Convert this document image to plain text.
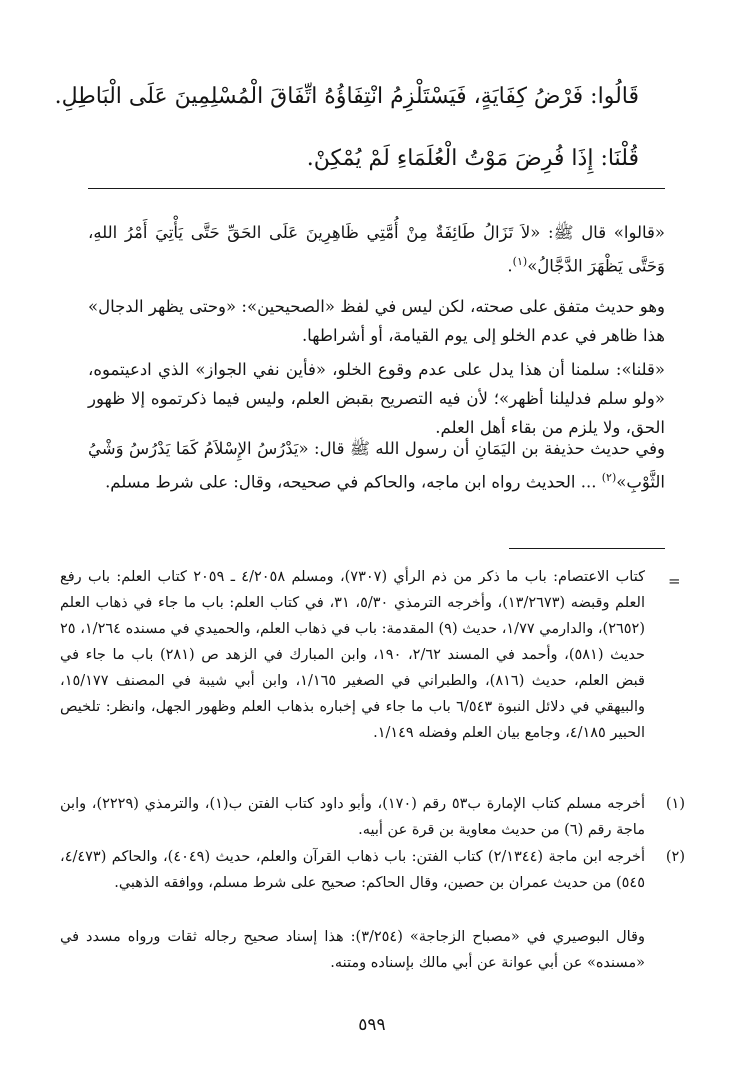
قَالُوا: فَرْضُ كِفَايَةٍ، فَيَسْتَلْزِمُ انْتِفَاؤُهُ اتِّفَاقَ الْمُسْلِمِينَ عَلَى الْبَاطِلِ.
قُلْنَا: إِذَا فُرِضَ مَوْتُ الْعُلَمَاءِ لَمْ يُمْكِنْ.
«قالوا» قال ﷺ: «لاَ تَزَالُ طَائِفَةٌ مِنْ أُمَّتِي ظَاهِرِينَ عَلَى الحَقِّ حَتَّى يَأْتِيَ أَمْرُ اللهِ، وَحَتَّى يَظْهَرَ الدَّجَّالُ»$^{(١)}$.
وهو حديث متفق على صحته، لكن ليس في لفظ «الصحيحين»: «وحتى يظهر الدجال» هذا ظاهر في عدم الخلو إلى يوم القيامة، أو أشراطها.
«قلنا»: سلمنا أن هذا يدل على عدم وقوع الخلو، «فأين نفي الجواز» الذي ادعيتموه، «ولو سلم فدليلنا أظهر»؛ لأن فيه التصريح بقبض العلم، وليس فيما ذكرتموه إلا ظهور الحق، ولا يلزم من بقاء أهل العلم.
وفي حديث حذيفة بن اليَمَانِ أن رسول الله ﷺ قال: «يَدْرُسُ الإِسْلاَمُ كَمَا يَدْرُسُ وَشْيُ الثَّوْبِ»$^{(٢)}$ ... الحديث رواه ابن ماجه، والحاكم في صحيحه، وقال: على شرط مسلم.
=
كتاب الاعتصام: باب ما ذكر من ذم الرأي (٧٣٠٧)، ومسلم ٤/٢٠٥٨ ـ ٢٠٥٩ كتاب العلم: باب رفع العلم وقبضه (١٣/٢٦٧٣)، وأخرجه الترمذي ٥/٣٠، ٣١، في كتاب العلم: باب ما جاء في ذهاب العلم (٢٦٥٢)، والدارمي ١/٧٧، حديث (٩) المقدمة: باب في ذهاب العلم، والحميدي في مسنده ١/٢٦٤، ٢٥ حديث (٥٨١)، وأحمد في المسند ٢/٦٢، ١٩٠، وابن المبارك في الزهد ص (٢٨١) باب ما جاء في قبض العلم، حديث (٨١٦)، والطبراني في الصغير ١/١٦٥، وابن أبي شيبة في المصنف ١٥/١٧٧، والبيهقي في دلائل النبوة ٦/٥٤٣ باب ما جاء في إخباره بذهاب العلم وظهور الجهل، وانظر: تلخيص الحبير ٤/١٨٥، وجامع بيان العلم وفضله ١/١٤٩.
(١)
أخرجه مسلم كتاب الإمارة ب٥٣ رقم (١٧٠)، وأبو داود كتاب الفتن ب(١)، والترمذي (٢٢٢٩)، وابن ماجة رقم (٦) من حديث معاوية بن قرة عن أبيه.
(٢)
أخرجه ابن ماجة (٢/١٣٤٤) كتاب الفتن: باب ذهاب القرآن والعلم، حديث (٤٠٤٩)، والحاكم (٤/٤٧٣، ٥٤٥) من حديث عمران بن حصين، وقال الحاكم: صحيح على شرط مسلم، ووافقه الذهبي.
وقال البوصيري في «مصباح الزجاجة» (٣/٢٥٤): هذا إسناد صحيح رجاله ثقات ورواه مسدد في «مسنده» عن أبي عوانة عن أبي مالك بإسناده ومتنه.
٥٩٩
